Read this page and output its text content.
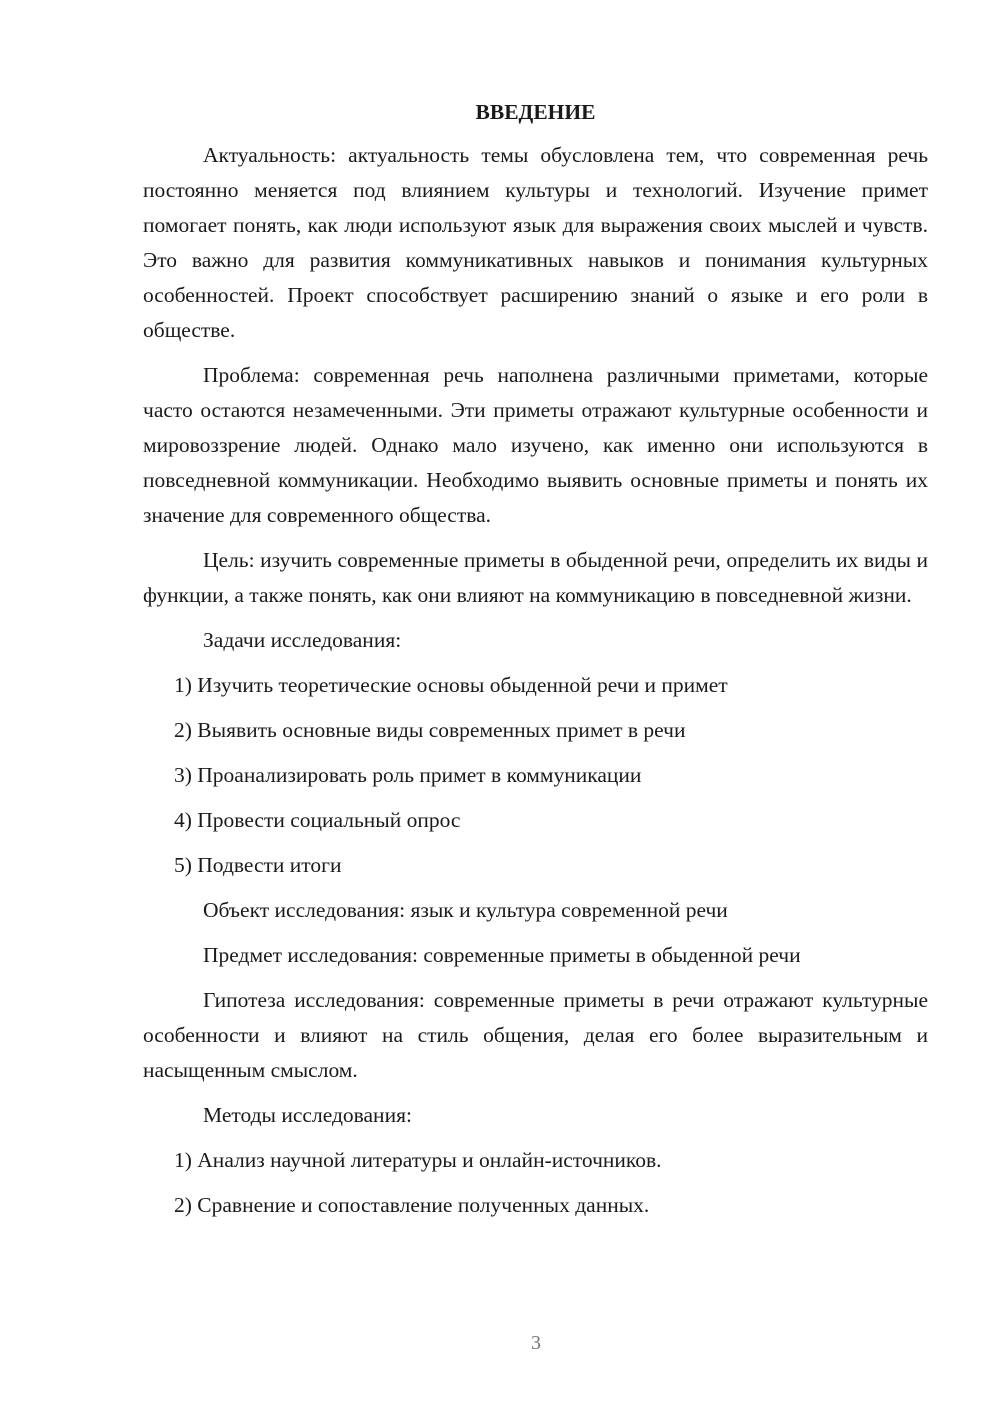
ВВЕДЕНИЕ

Актуальность: актуальность темы обусловлена тем, что современная речь постоянно меняется под влиянием культуры и технологий. Изучение примет помогает понять, как люди используют язык для выражения своих мыслей и чувств. Это важно для развития коммуникативных навыков и понимания культурных особенностей. Проект способствует расширению знаний о языке и его роли в обществе.

Проблема: современная речь наполнена различными приметами, которые часто остаются незамеченными. Эти приметы отражают культурные особенности и мировоззрение людей. Однако мало изучено, как именно они используются в повседневной коммуникации. Необходимо выявить основные приметы и понять их значение для современного общества.

Цель: изучить современные приметы в обыденной речи, определить их виды и функции, а также понять, как они влияют на коммуникацию в повседневной жизни.

Задачи исследования:
1) Изучить теоретические основы обыденной речи и примет
2) Выявить основные виды современных примет в речи
3) Проанализировать роль примет в коммуникации
4) Провести социальный опрос
5) Подвести итоги
Объект исследования: язык и культура современной речи
Предмет исследования: современные приметы в обыденной речи

Гипотеза исследования: современные приметы в речи отражают культурные особенности и влияют на стиль общения, делая его более выразительным и насыщенным смыслом.

Методы исследования:
1) Анализ научной литературы и онлайн-источников.
2) Сравнение и сопоставление полученных данных.
3
